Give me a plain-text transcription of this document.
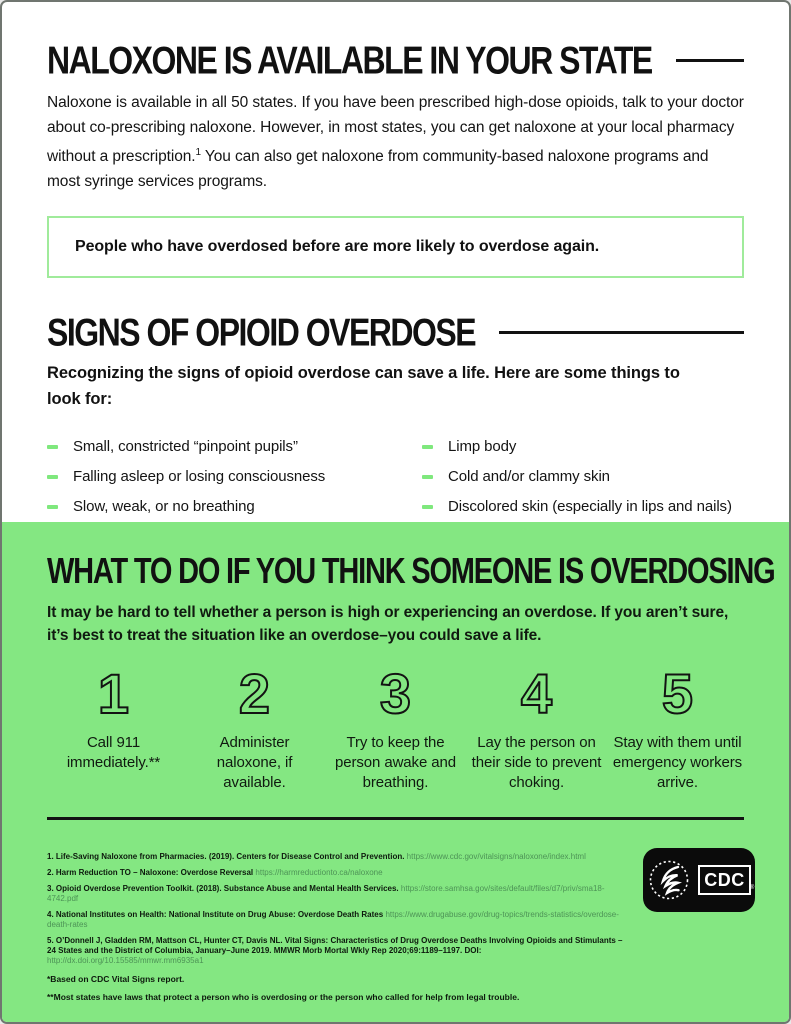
NALOXONE IS AVAILABLE IN YOUR STATE

Naloxone is available in all 50 states. If you have been prescribed high-dose opioids, talk to your doctor about co-prescribing naloxone. However, in most states, you can get naloxone at your local pharmacy without a prescription.$^1$ You can also get naloxone from community-based naloxone programs and most syringe services programs.

People who have overdosed before are more likely to overdose again.

SIGNS OF OPIOID OVERDOSE

Recognizing the signs of opioid overdose can save a life. Here are some things to look for:

Small, constricted “pinpoint pupils”
Falling asleep or losing consciousness
Slow, weak, or no breathing
Limp body
Cold and/or clammy skin
Discolored skin (especially in lips and nails)
WHAT TO DO IF YOU THINK SOMEONE IS OVERDOSING

It may be hard to tell whether a person is high or experiencing an overdose. If you aren’t sure, it’s best to treat the situation like an overdose–you could save a life.

1
Call 911 immediately.**
2
Administer naloxone, if available.
3
Try to keep the person awake and breathing.
4
Lay the person on their side to prevent choking.
5
Stay with them until emergency workers arrive.

1. Life-Saving Naloxone from Pharmacies. (2019). Centers for Disease Control and Prevention. https://www.cdc.gov/vitalsigns/naloxone/index.html

2. Harm Reduction TO – Naloxone: Overdose Reversal https://harmreductionto.ca/naloxone

3. Opioid Overdose Prevention Toolkit. (2018). Substance Abuse and Mental Health Services. https://store.samhsa.gov/sites/default/files/d7/priv/sma18-4742.pdf

4. National Institutes on Health: National Institute on Drug Abuse: Overdose Death Rates https://www.drugabuse.gov/drug-topics/trends-statistics/overdose-death-rates

5. O’Donnell J, Gladden RM, Mattson CL, Hunter CT, Davis NL. Vital Signs: Characteristics of Drug Overdose Deaths Involving Opioids and Stimulants – 24 States and the District of Columbia, January–June 2019. MMWR Morb Mortal Wkly Rep 2020;69:1189–1197. DOI: http://dx.doi.org/10.15585/mmwr.mm6935a1

*Based on CDC Vital Signs report.

**Most states have laws that protect a person who is overdosing or the person who called for help from legal trouble.

CDC ®
